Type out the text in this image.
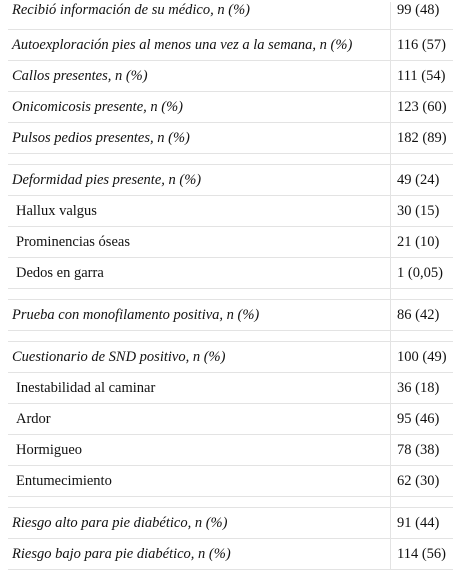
Recibió información de su médico, n (%)	99 (48)
Autoexploración pies al menos una vez a la semana, n (%)	116 (57)
Callos presentes, n (%)	111 (54)
Onicomicosis presente, n (%)	123 (60)
Pulsos pedios presentes, n (%)	182 (89)
Deformidad pies presente, n (%)	49 (24)
Hallux valgus	30 (15)
Prominencias óseas	21 (10)
Dedos en garra	1 (0,05)
Prueba con monofilamento positiva, n (%)	86 (42)
Cuestionario de SND positivo, n (%)	100 (49)
Inestabilidad al caminar	36 (18)
Ardor	95 (46)
Hormigueo	78 (38)
Entumecimiento	62 (30)
Riesgo alto para pie diabético, n (%)	91 (44)
Riesgo bajo para pie diabético, n (%)	114 (56)
